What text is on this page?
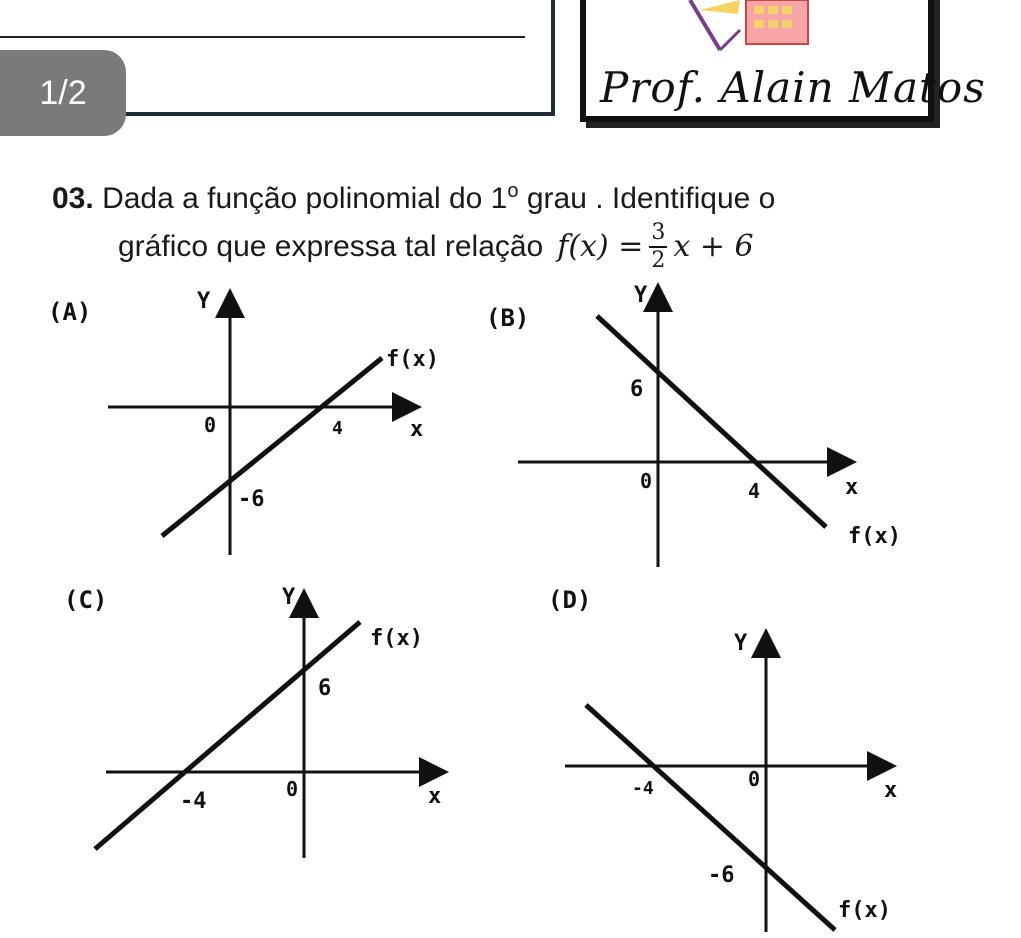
1/2	Prof. Alain Matos
03. Dada a função polinomial do 1$^o$ grau . Identifique o
gráfico que expressa tal relação $f(x) = \frac{3}{2}$ x + 6
(A)	Y
x
f(x)
0	4
-6
(B)
Y
x
f(x)
0	4
6
(C)	Y
x
f(x)
0
-4
6
(D)
Y
x
f(x)
0
-4
-6
